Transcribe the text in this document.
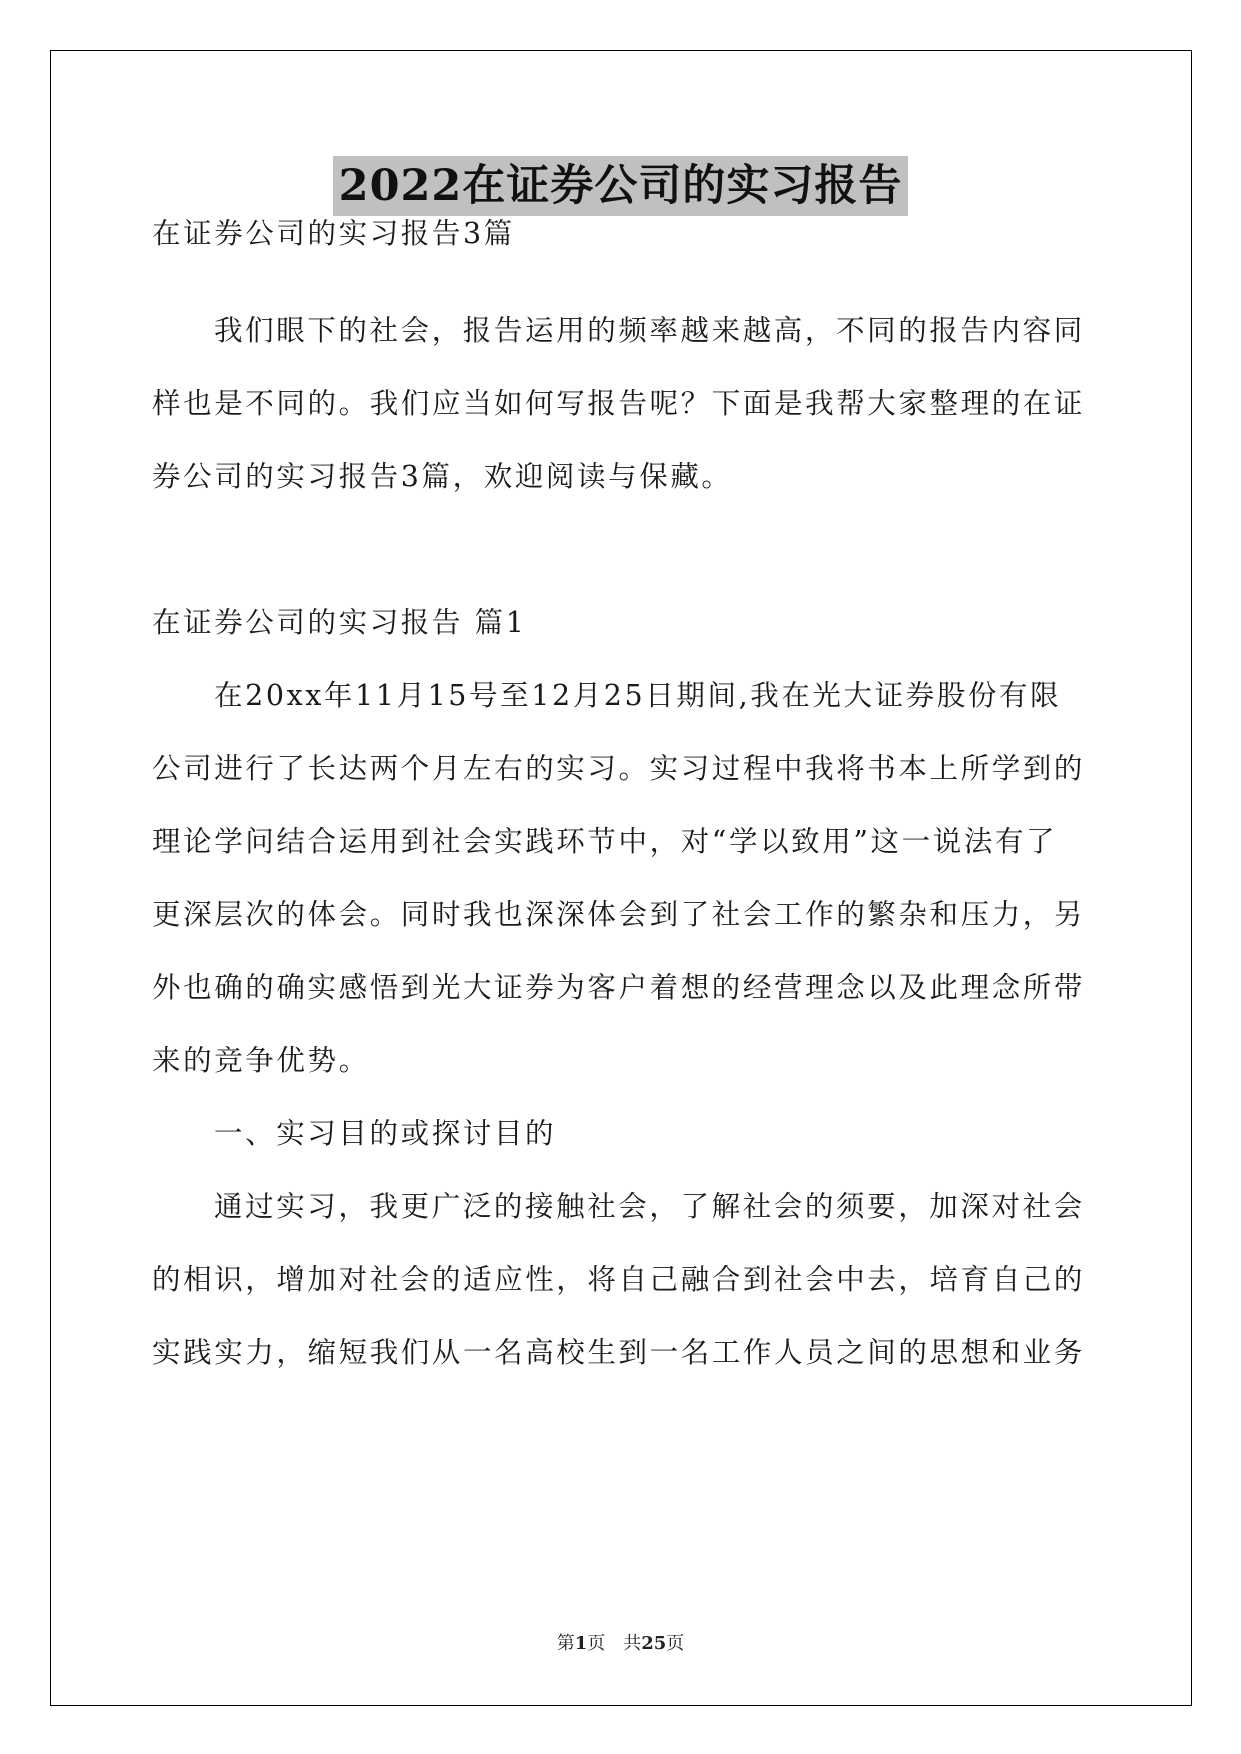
2022在证券公司的实习报告
在证券公司的实习报告3篇
我们眼下的社会，报告运用的频率越来越高，不同的报告内容同
样也是不同的。我们应当如何写报告呢？下面是我帮大家整理的在证
券公司的实习报告3篇，欢迎阅读与保藏。
在证券公司的实习报告 篇1
在20xx年11月15号至12月25日期间,我在光大证券股份有限
公司进行了长达两个月左右的实习。实习过程中我将书本上所学到的
理论学问结合运用到社会实践环节中，对“学以致用”这一说法有了
更深层次的体会。同时我也深深体会到了社会工作的繁杂和压力，另
外也确的确实感悟到光大证券为客户着想的经营理念以及此理念所带
来的竞争优势。
一、实习目的或探讨目的
通过实习，我更广泛的接触社会，了解社会的须要，加深对社会
的相识，增加对社会的适应性，将自己融合到社会中去，培育自己的
实践实力，缩短我们从一名高校生到一名工作人员之间的思想和业务
第1页　共25页
